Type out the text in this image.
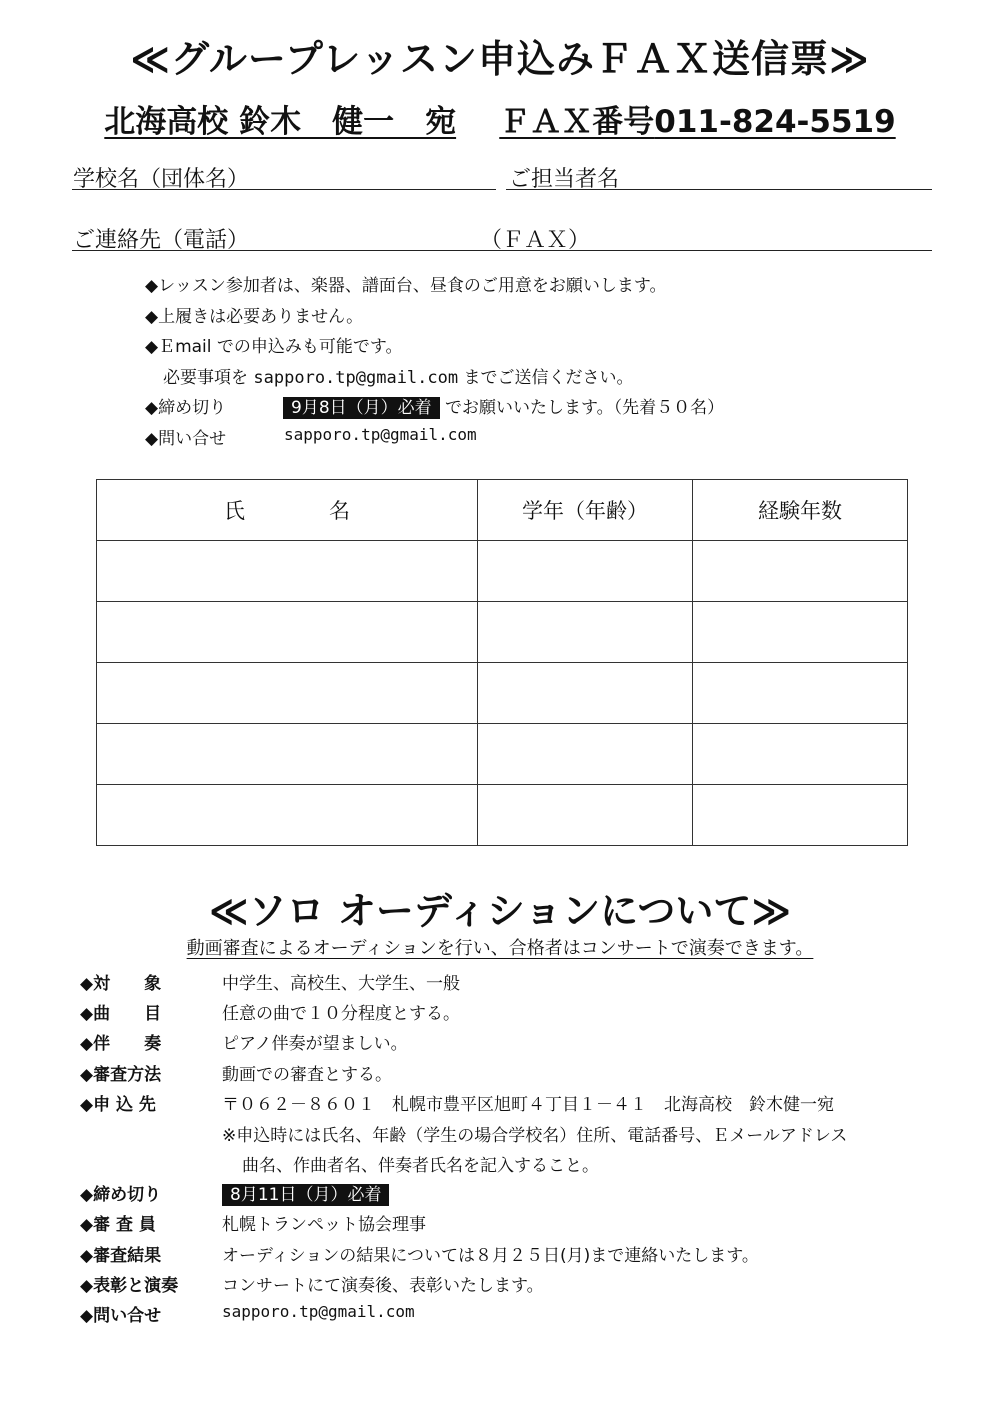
≪グループレッスン申込みＦＡＸ送信票≫
北海高校 鈴木　健一　宛 ＦＡＸ番号011-824-5519
学校名（団体名）	ご担当者名
ご連絡先（電話）	（ＦＡＸ）
◆レッスン参加者は、楽器、譜面台、昼食のご用意をお願いします。
◆上履きは必要ありません。
◆Ｅmail での申込みも可能です。
必要事項を sapporo.tp@gmail.com までご送信ください。
◆締め切り	9月8日（月）必着 でお願いいたします。（先着５０名）
◆問い合せ	sapporo.tp@gmail.com
氏　　　　名	学年（年齢）	経験年数

≪ソロ オーディションについて≫
動画審査によるオーディションを行い、合格者はコンサートで演奏できます。
◆対　　象	中学生、高校生、大学生、一般
◆曲　　目	任意の曲で１０分程度とする。
◆伴　　奏	ピアノ伴奏が望ましい。
◆審査方法	動画での審査とする。
◆申 込 先	〒０６２－８６０１　札幌市豊平区旭町４丁目１－４１　北海高校　鈴木健一宛
※申込時には氏名、年齢（学生の場合学校名）住所、電話番号、Ｅメールアドレス
曲名、作曲者名、伴奏者氏名を記入すること。
◆締め切り	8月11日（月）必着
◆審 査 員	札幌トランペット協会理事
◆審査結果	オーディションの結果については８月２５日(月)まで連絡いたします。
◆表彰と演奏	コンサートにて演奏後、表彰いたします。
◆問い合せ	sapporo.tp@gmail.com
